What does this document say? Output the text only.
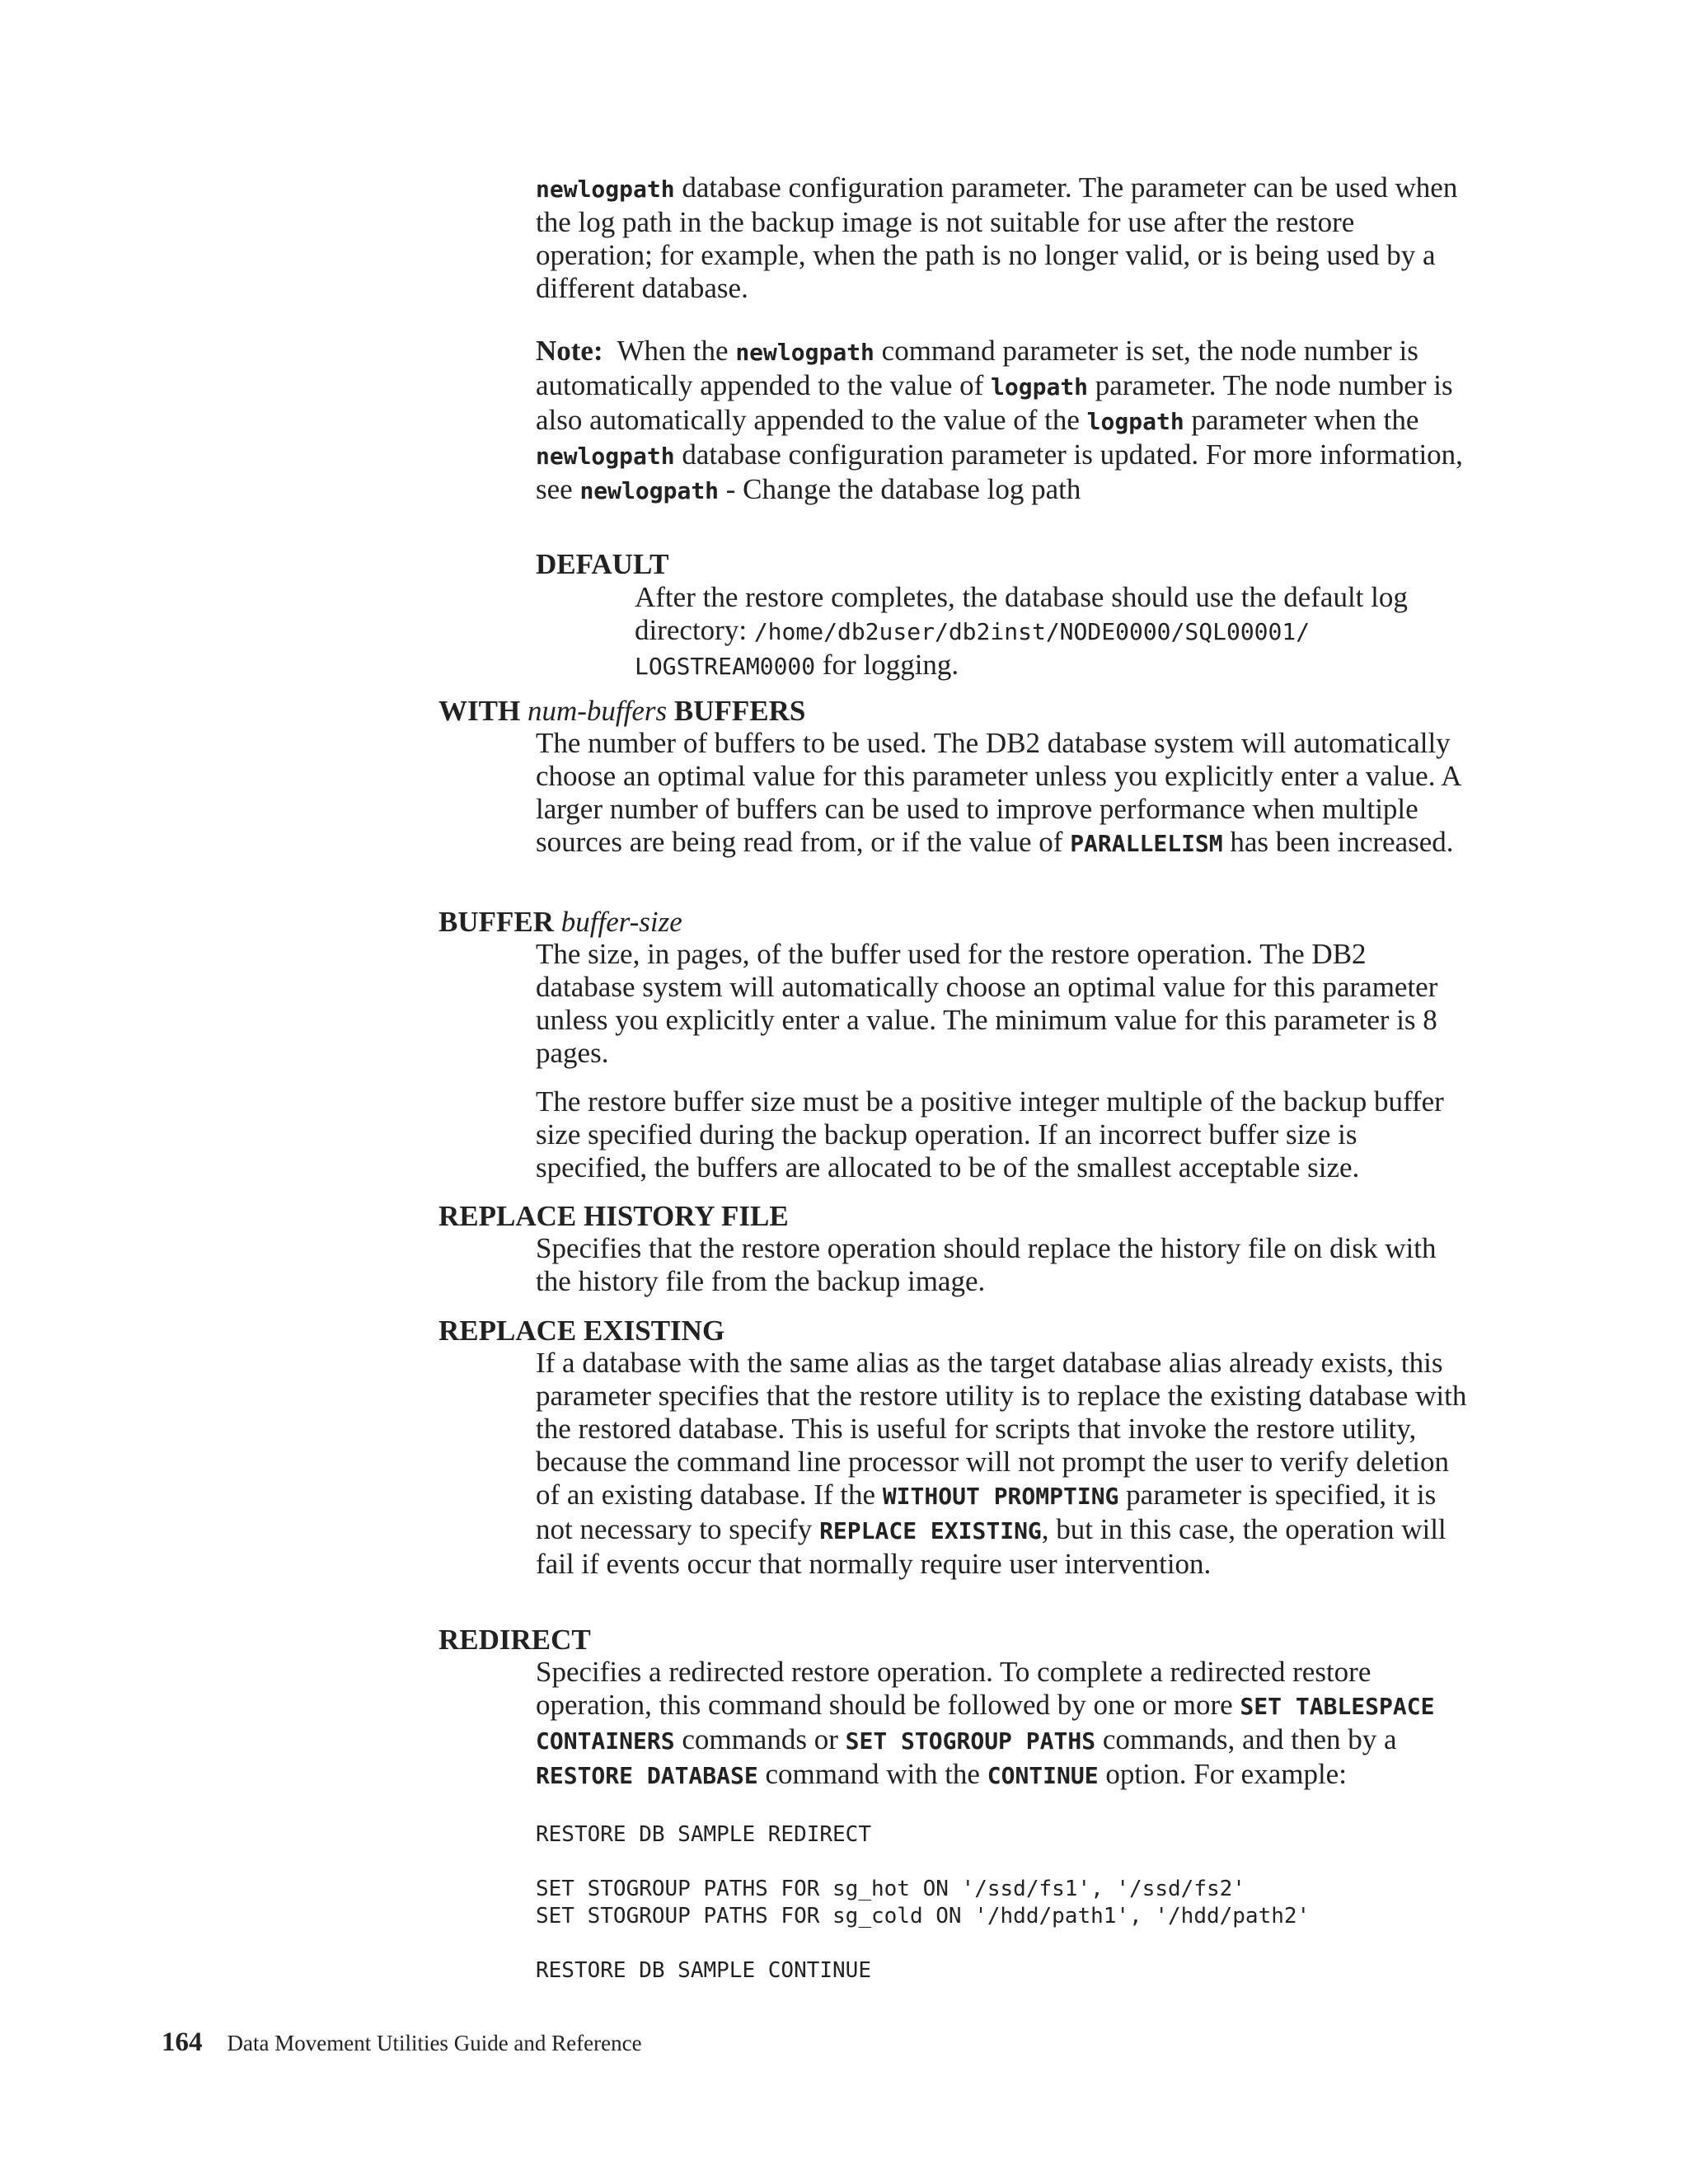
newlogpath database configuration parameter. The parameter can be used when the log path in the backup image is not suitable for use after the restore operation; for example, when the path is no longer valid, or is being used by a different database.

Note: When the newlogpath command parameter is set, the node number is automatically appended to the value of logpath parameter. The node number is also automatically appended to the value of the logpath parameter when the newlogpath database configuration parameter is updated. For more information, see newlogpath - Change the database log path

DEFAULT

After the restore completes, the database should use the default log directory: /home/db2user/db2inst/NODE0000/SQL00001/
LOGSTREAM0000 for logging.

WITH num-buffers BUFFERS

The number of buffers to be used. The DB2 database system will automatically choose an optimal value for this parameter unless you explicitly enter a value. A larger number of buffers can be used to improve performance when multiple sources are being read from, or if the value of PARALLELISM has been increased.

BUFFER buffer-size

The size, in pages, of the buffer used for the restore operation. The DB2 database system will automatically choose an optimal value for this parameter unless you explicitly enter a value. The minimum value for this parameter is 8 pages.

The restore buffer size must be a positive integer multiple of the backup buffer size specified during the backup operation. If an incorrect buffer size is specified, the buffers are allocated to be of the smallest acceptable size.

REPLACE HISTORY FILE

Specifies that the restore operation should replace the history file on disk with the history file from the backup image.

REPLACE EXISTING

If a database with the same alias as the target database alias already exists, this parameter specifies that the restore utility is to replace the existing database with the restored database. This is useful for scripts that invoke the restore utility, because the command line processor will not prompt the user to verify deletion of an existing database. If the WITHOUT PROMPTING parameter is specified, it is not necessary to specify REPLACE EXISTING, but in this case, the operation will fail if events occur that normally require user intervention.

REDIRECT

Specifies a redirected restore operation. To complete a redirected restore operation, this command should be followed by one or more SET TABLESPACE CONTAINERS commands or SET STOGROUP PATHS commands, and then by a RESTORE DATABASE command with the CONTINUE option. For example:

RESTORE DB SAMPLE REDIRECT
SET STOGROUP PATHS FOR sg_hot ON '/ssd/fs1', '/ssd/fs2'
SET STOGROUP PATHS FOR sg_cold ON '/hdd/path1', '/hdd/path2'
RESTORE DB SAMPLE CONTINUE
164 Data Movement Utilities Guide and Reference
